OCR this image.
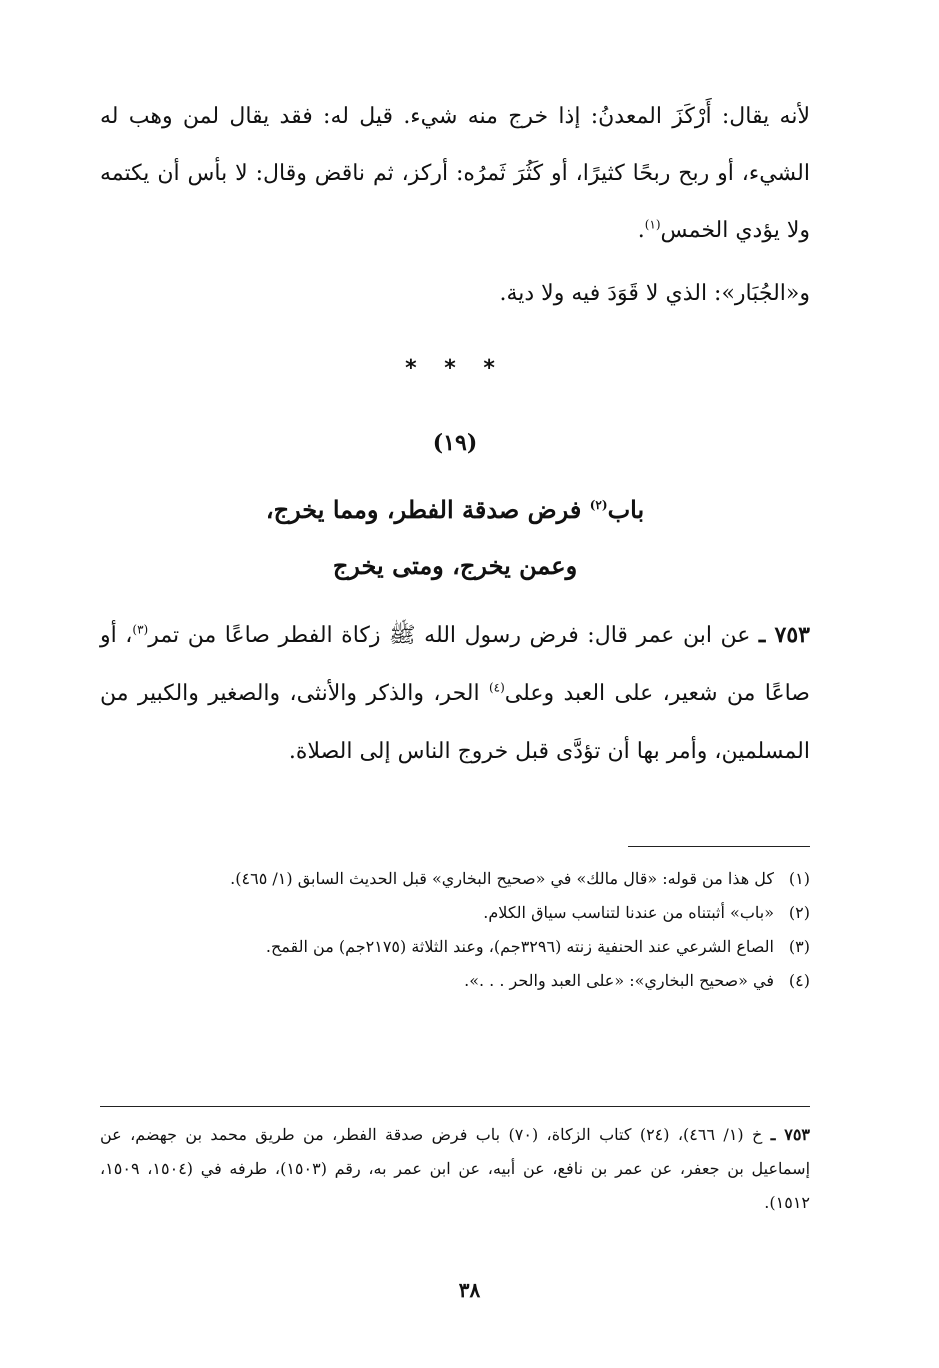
لأنه يقال: أَرْكَزَ المعدنُ: إذا خرج منه شيء. قيل له: فقد يقال لمن وهب له الشيء، أو ربح ربحًا كثيرًا، أو كَثُرَ ثَمرُه: أركز، ثم ناقض وقال: لا بأس أن يكتمه ولا يؤدي الخمس$^{(١)}$.

و«الجُبَار»: الذي لا قَوَدَ فيه ولا دية.

* * *
(١٩)
باب$^{(٢)}$ فرض صدقة الفطر، ومما يخرج،
وعمن يخرج، ومتى يخرج

٧٥٣ ـ عن ابن عمر قال: فرض رسول الله ﷺ زكاة الفطر صاعًا من تمر$^{(٣)}$، أو صاعًا من شعير، على العبد وعلى$^{(٤)}$ الحر، والذكر والأنثى، والصغير والكبير من المسلمين، وأمر بها أن تؤدَّى قبل خروج الناس إلى الصلاة.

(١)
كل هذا من قوله: «قال مالك» في «صحيح البخاري» قبل الحديث السابق (١/ ٤٦٥).
(٢)
«باب» أثبتناه من عندنا لتناسب سياق الكلام.
(٣)
الصاع الشرعي عند الحنفية زنته (٣٢٩٦جم)، وعند الثلاثة (٢١٧٥جم) من القمح.
(٤)
في «صحيح البخاري»: «على العبد والحر . . .».

٧٥٣ ـ خ (١/ ٤٦٦)، (٢٤) كتاب الزكاة، (٧٠) باب فرض صدقة الفطر، من طريق محمد بن جهضم، عن إسماعيل بن جعفر، عن عمر بن نافع، عن أبيه، عن ابن عمر به، رقم (١٥٠٣)، طرفه في (١٥٠٤، ١٥٠٩، ١٥١٢).

٣٨
